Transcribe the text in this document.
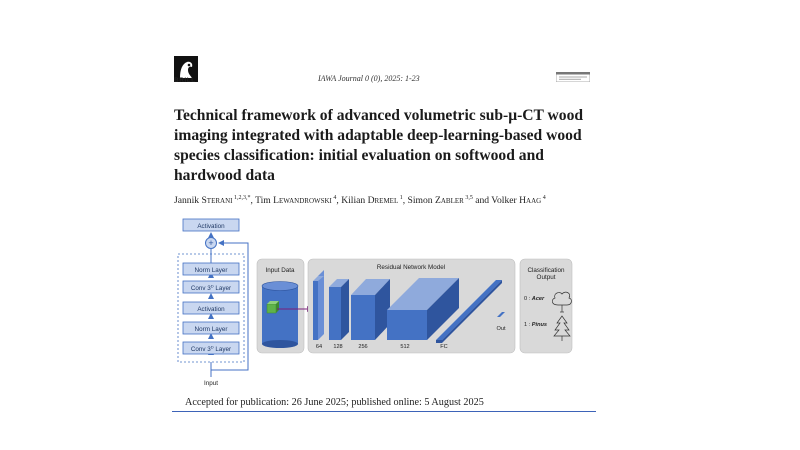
BRILL	IAWA Journal 0 (0), 2025: 1-23
Technical framework of advanced volumetric sub-μ-CT wood imaging integrated with adaptable deep-learning-based wood species classification: initial evaluation on softwood and hardwood data
Jannik Sterani $^{1,2,3,*}$, Tim Lewandrowski $^4$, Kilian Dremel $^1$, Simon Zabler $^{3,5}$ and Volker Haag $^4$
+
Activation
Norm Layer
Conv $3^D$ Layer
Activation
Norm Layer
Conv $3^D$ Layer
Input
Input Data	Residual Network Model
64 128	256	512	FC
Out
Classification
Output
0 : Acer
1 : Pinus
Accepted for publication: 26 June 2025; published online: 5 August 2025
